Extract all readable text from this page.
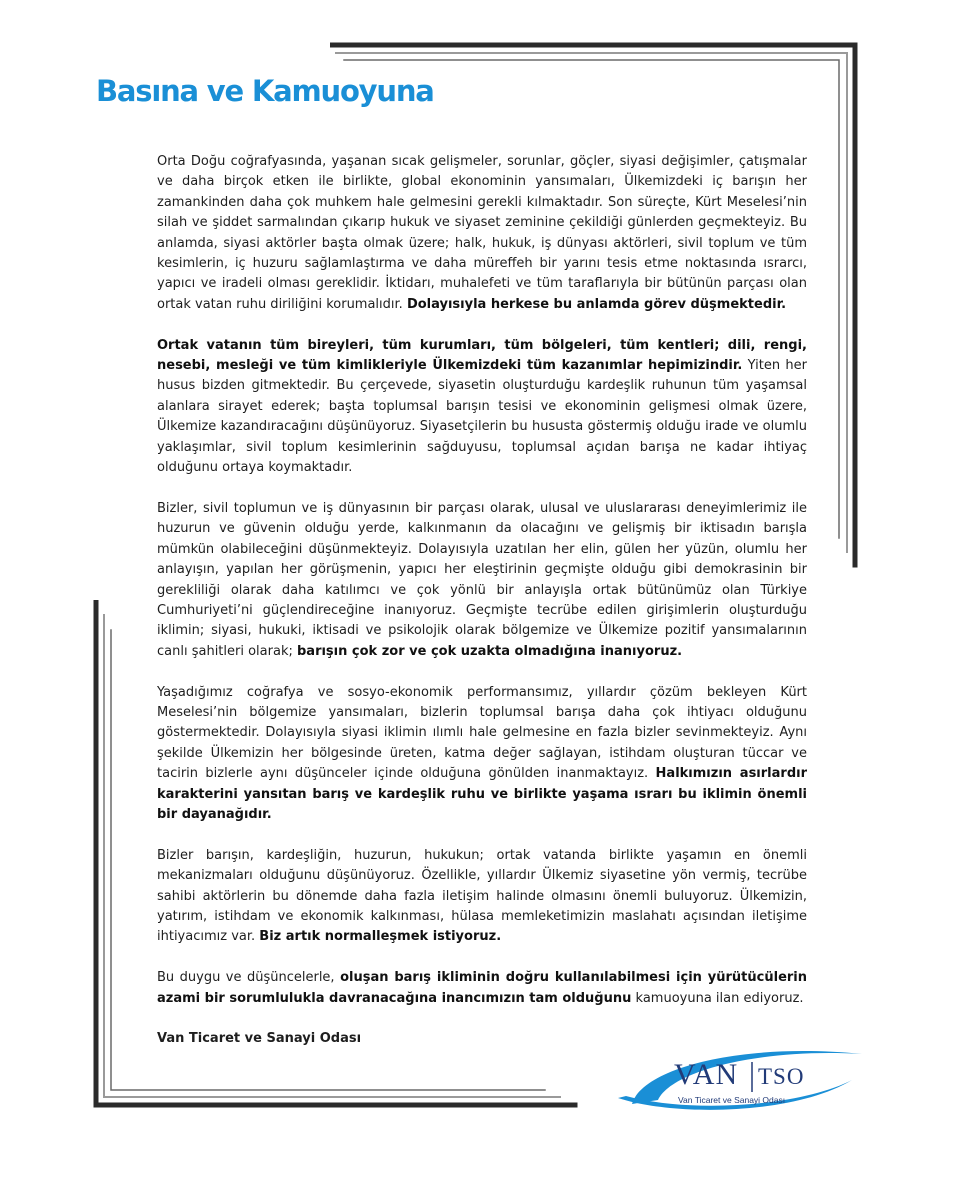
Basına ve Kamuoyuna

Orta Doğu coğrafyasında, yaşanan sıcak gelişmeler, sorunlar, göçler, siyasi değişimler, çatışmalar ve daha birçok etken ile birlikte, global ekonominin yansımaları, Ülkemizdeki iç barışın her zamankinden daha çok muhkem hale gelmesini gerekli kılmaktadır. Son süreçte, Kürt Meselesi’nin silah ve şiddet sarmalından çıkarıp hukuk ve siyaset zeminine çekildiği günlerden geçmekteyiz. Bu anlamda, siyasi aktörler başta olmak üzere; halk, hukuk, iş dünyası aktörleri, sivil toplum ve tüm kesimlerin, iç huzuru sağlamlaştırma ve daha müreffeh bir yarını tesis etme noktasında ısrarcı, yapıcı ve iradeli olması gereklidir. İktidarı, muhalefeti ve tüm taraflarıyla bir bütünün parçası olan ortak vatan ruhu diriliğini korumalıdır. Dolayısıyla herkese bu anlamda görev düşmektedir.

Ortak vatanın tüm bireyleri, tüm kurumları, tüm bölgeleri, tüm kentleri; dili, rengi, nesebi, mesleği ve tüm kimlikleriyle Ülkemizdeki tüm kazanımlar hepimizindir. Yiten her husus bizden gitmektedir. Bu çerçevede, siyasetin oluşturduğu kardeşlik ruhunun tüm yaşamsal alanlara sirayet ederek; başta toplumsal barışın tesisi ve ekonominin gelişmesi olmak üzere, Ülkemize kazandıracağını düşünüyoruz. Siyasetçilerin bu hususta göstermiş olduğu irade ve olumlu yaklaşımlar, sivil toplum kesimlerinin sağduyusu, toplumsal açıdan barışa ne kadar ihtiyaç olduğunu ortaya koymaktadır.

Bizler, sivil toplumun ve iş dünyasının bir parçası olarak, ulusal ve uluslararası deneyimlerimiz ile huzurun ve güvenin olduğu yerde, kalkınmanın da olacağını ve gelişmiş bir iktisadın barışla mümkün olabileceğini düşünmekteyiz. Dolayısıyla uzatılan her elin, gülen her yüzün, olumlu her anlayışın, yapılan her görüşmenin, yapıcı her eleştirinin geçmişte olduğu gibi demokrasinin bir gerekliliği olarak daha katılımcı ve çok yönlü bir anlayışla ortak bütünümüz olan Türkiye Cumhuriyeti’ni güçlendireceğine inanıyoruz. Geçmişte tecrübe edilen girişimlerin oluşturduğu iklimin; siyasi, hukuki, iktisadi ve psikolojik olarak bölgemize ve Ülkemize pozitif yansımalarının canlı şahitleri olarak; barışın çok zor ve çok uzakta olmadığına inanıyoruz.

Yaşadığımız coğrafya ve sosyo-ekonomik performansımız, yıllardır çözüm bekleyen Kürt Meselesi’nin bölgemize yansımaları, bizlerin toplumsal barışa daha çok ihtiyacı olduğunu göstermektedir. Dolayısıyla siyasi iklimin ılımlı hale gelmesine en fazla bizler sevinmekteyiz. Aynı şekilde Ülkemizin her bölgesinde üreten, katma değer sağlayan, istihdam oluşturan tüccar ve tacirin bizlerle aynı düşünceler içinde olduğuna gönülden inanmaktayız. Halkımızın asırlardır karakterini yansıtan barış ve kardeşlik ruhu ve birlikte yaşama ısrarı bu iklimin önemli bir dayanağıdır.

Bizler barışın, kardeşliğin, huzurun, hukukun; ortak vatanda birlikte yaşamın en önemli mekanizmaları olduğunu düşünüyoruz. Özellikle, yıllardır Ülkemiz siyasetine yön vermiş, tecrübe sahibi aktörlerin bu dönemde daha fazla iletişim halinde olmasını önemli buluyoruz. Ülkemizin, yatırım, istihdam ve ekonomik kalkınması, hülasa memleketimizin maslahatı açısından iletişime ihtiyacımız var. Biz artık normalleşmek istiyoruz.

Bu duygu ve düşüncelerle, oluşan barış ikliminin doğru kullanılabilmesi için yürütücülerin azami bir sorumlulukla davranacağına inancımızın tam olduğunu kamuoyuna ilan ediyoruz.

Van Ticaret ve Sanayi Odası

VAN TSO
Van Ticaret ve Sanayi Odası
